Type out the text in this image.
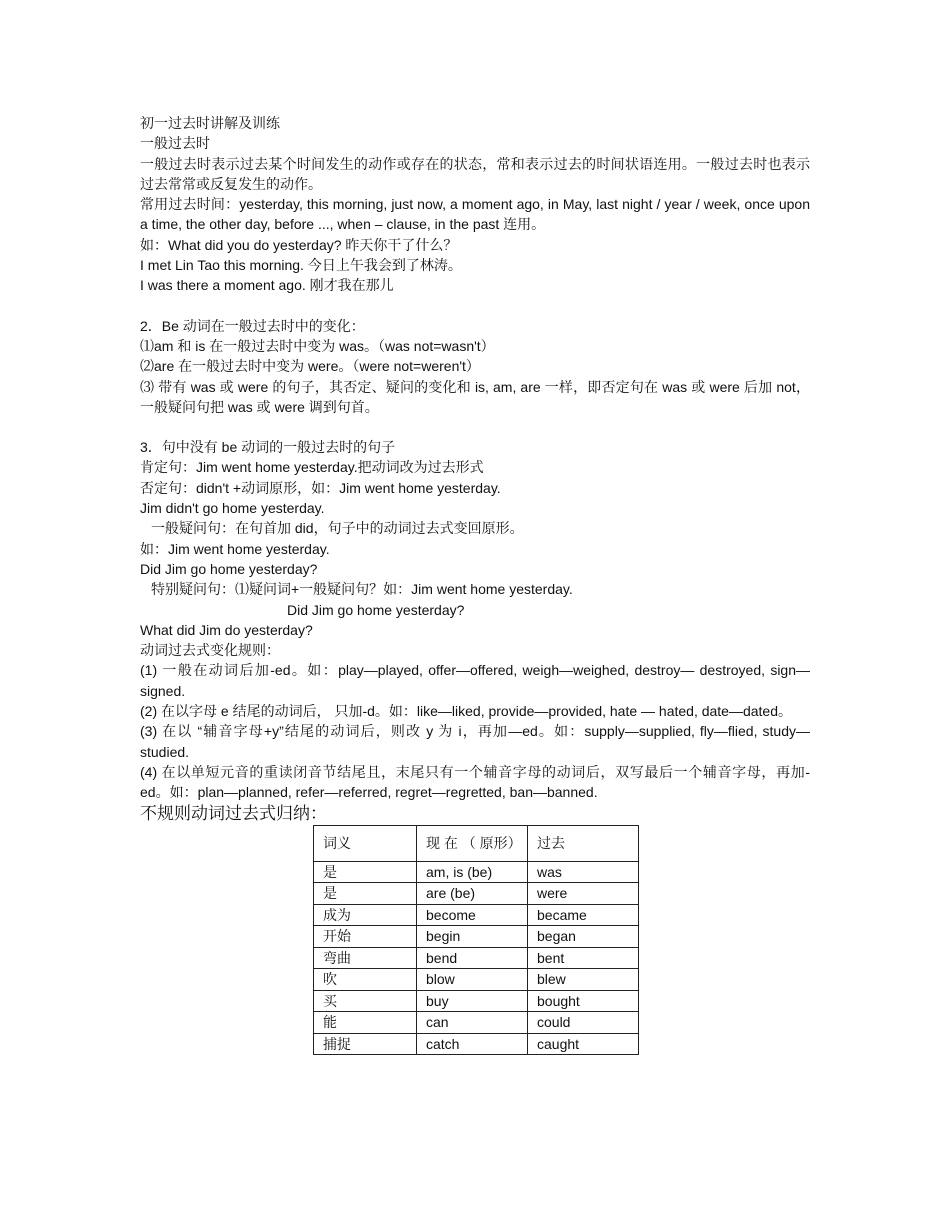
初一过去时讲解及训练

一般过去时

一般过去时表示过去某个时间发生的动作或存在的状态，常和表示过去的时间状语连用。一般过去时也表示过去常常或反复发生的动作。

常用过去时间：yesterday, this morning, just now, a moment ago, in May, last night / year / week, once upon a time, the other day, before ..., when – clause, in the past 连用。

如：What did you do yesterday? 昨天你干了什么？

I met Lin Tao this morning. 今日上午我会到了林涛。

I was there a moment ago. 刚才我在那儿

2．Be 动词在一般过去时中的变化：

⑴am 和 is 在一般过去时中变为 was。（was not=wasn't）

⑵are 在一般过去时中变为 were。（were not=weren't）

⑶ 带有 was 或 were 的句子，其否定、疑问的变化和 is, am, are 一样，即否定句在 was 或 were 后加 not，一般疑问句把 was 或 were 调到句首。

3．句中没有 be 动词的一般过去时的句子

肯定句：Jim went home yesterday.把动词改为过去形式

否定句：didn't +动词原形，如：Jim went home yesterday.

Jim didn't go home yesterday.

一般疑问句：在句首加 did，句子中的动词过去式变回原形。

如：Jim went home yesterday.

Did Jim go home yesterday?

特别疑问句：⑴疑问词+一般疑问句？如：Jim went home yesterday.

Did Jim go home yesterday?

What did Jim do yesterday?

动词过去式变化规则：

(1) 一般在动词后加-ed。如：play—played, offer—offered, weigh—weighed, destroy— destroyed, sign—signed.

(2) 在以字母 e 结尾的动词后， 只加-d。如：like—liked, provide—provided, hate — hated, date—dated。

(3) 在以 “辅音字母+y”结尾的动词后，则改 y 为 i，再加—ed。如：supply—supplied, fly—flied, study— studied.

(4) 在以单短元音的重读闭音节结尾且，末尾只有一个辅音字母的动词后，双写最后一个辅音字母，再加-ed。如：plan—planned, refer—referred, regret—regretted, ban—banned.

不规则动词过去式归纳：

词义	现 在 （ 原形）	过去
是	am, is (be)	was
是	are (be)	were
成为	become	became
开始	begin	began
弯曲	bend	bent
吹	blow	blew
买	buy	bought
能	can	could
捕捉	catch	caught
